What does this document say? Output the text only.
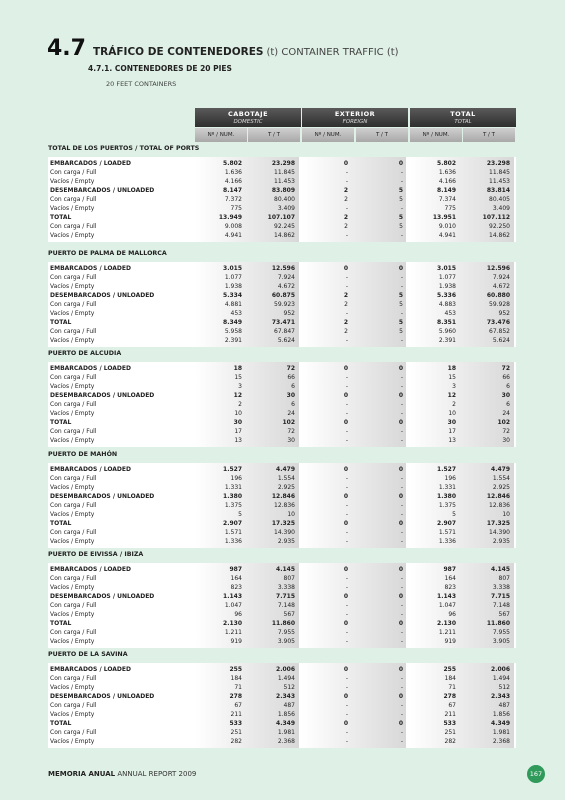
4.7 TRÁFICO DE CONTENEDORES (t) CONTAINER TRAFFIC (t)
4.7.1. CONTENEDORES DE 20 PIES
20 FEET CONTAINERS
CABOTAJE
DOMESTIC
EXTERIOR
FOREIGN
TOTAL
TOTAL
Nº / NUM.	T / T	Nº / NUM.	T / T	Nº / NUM.	T / T
TOTAL DE LOS PUERTOS / TOTAL OF PORTS
EMBARCADOS / LOADED	5.802	23.298	0	0	5.802	23.298
Con carga / Full	1.636	11.845	-	-	1.636	11.845
Vacíos / Empty	4.166	11.453	-	-	4.166	11.453
DESEMBARCADOS / UNLOADED	8.147	83.809	2	5	8.149	83.814
Con carga / Full	7.372	80.400	2	5	7.374	80.405
Vacíos / Empty	775	3.409	-	-	775	3.409
TOTAL	13.949	107.107	2	5	13.951	107.112
Con carga / Full	9.008	92.245	2	5	9.010	92.250
Vacíos / Empty	4.941	14.862	-	-	4.941	14.862
PUERTO DE PALMA DE MALLORCA
EMBARCADOS / LOADED	3.015	12.596	0	0	3.015	12.596
Con carga / Full	1.077	7.924	-	-	1.077	7.924
Vacíos / Empty	1.938	4.672	-	-	1.938	4.672
DESEMBARCADOS / UNLOADED	5.334	60.875	2	5	5.336	60.880
Con carga / Full	4.881	59.923	2	5	4.883	59.928
Vacíos / Empty	453	952	-	-	453	952
TOTAL	8.349	73.471	2	5	8.351	73.476
Con carga / Full	5.958	67.847	2	5	5.960	67.852
Vacíos / Empty	2.391	5.624	-	-	2.391	5.624
PUERTO DE ALCUDIA
EMBARCADOS / LOADED	18	72	0	0	18	72
Con carga / Full	15	66	-	-	15	66
Vacíos / Empty	3	6	-	-	3	6
DESEMBARCADOS / UNLOADED	12	30	0	0	12	30
Con carga / Full	2	6	-	-	2	6
Vacíos / Empty	10	24	-	-	10	24
TOTAL	30	102	0	0	30	102
Con carga / Full	17	72	-	-	17	72
Vacíos / Empty	13	30	-	-	13	30
PUERTO DE MAHÓN
EMBARCADOS / LOADED	1.527	4.479	0	0	1.527	4.479
Con carga / Full	196	1.554	-	-	196	1.554
Vacíos / Empty	1.331	2.925	-	-	1.331	2.925
DESEMBARCADOS / UNLOADED	1.380	12.846	0	0	1.380	12.846
Con carga / Full	1.375	12.836	-	-	1.375	12.836
Vacíos / Empty	5	10	-	-	5	10
TOTAL	2.907	17.325	0	0	2.907	17.325
Con carga / Full	1.571	14.390	-	-	1.571	14.390
Vacíos / Empty	1.336	2.935	-	-	1.336	2.935
PUERTO DE EIVISSA / IBIZA
EMBARCADOS / LOADED	987	4.145	0	0	987	4.145
Con carga / Full	164	807	-	-	164	807
Vacíos / Empty	823	3.338	-	-	823	3.338
DESEMBARCADOS / UNLOADED	1.143	7.715	0	0	1.143	7.715
Con carga / Full	1.047	7.148	-	-	1.047	7.148
Vacíos / Empty	96	567	-	-	96	567
TOTAL	2.130	11.860	0	0	2.130	11.860
Con carga / Full	1.211	7.955	-	-	1.211	7.955
Vacíos / Empty	919	3.905	-	-	919	3.905
PUERTO DE LA SAVINA
EMBARCADOS / LOADED	255	2.006	0	0	255	2.006
Con carga / Full	184	1.494	-	-	184	1.494
Vacíos / Empty	71	512	-	-	71	512
DESEMBARCADOS / UNLOADED	278	2.343	0	0	278	2.343
Con carga / Full	67	487	-	-	67	487
Vacíos / Empty	211	1.856	-	-	211	1.856
TOTAL	533	4.349	0	0	533	4.349
Con carga / Full	251	1.981	-	-	251	1.981
Vacíos / Empty	282	2.368	-	-	282	2.368
MEMORIA ANUAL ANNUAL REPORT 2009	167
